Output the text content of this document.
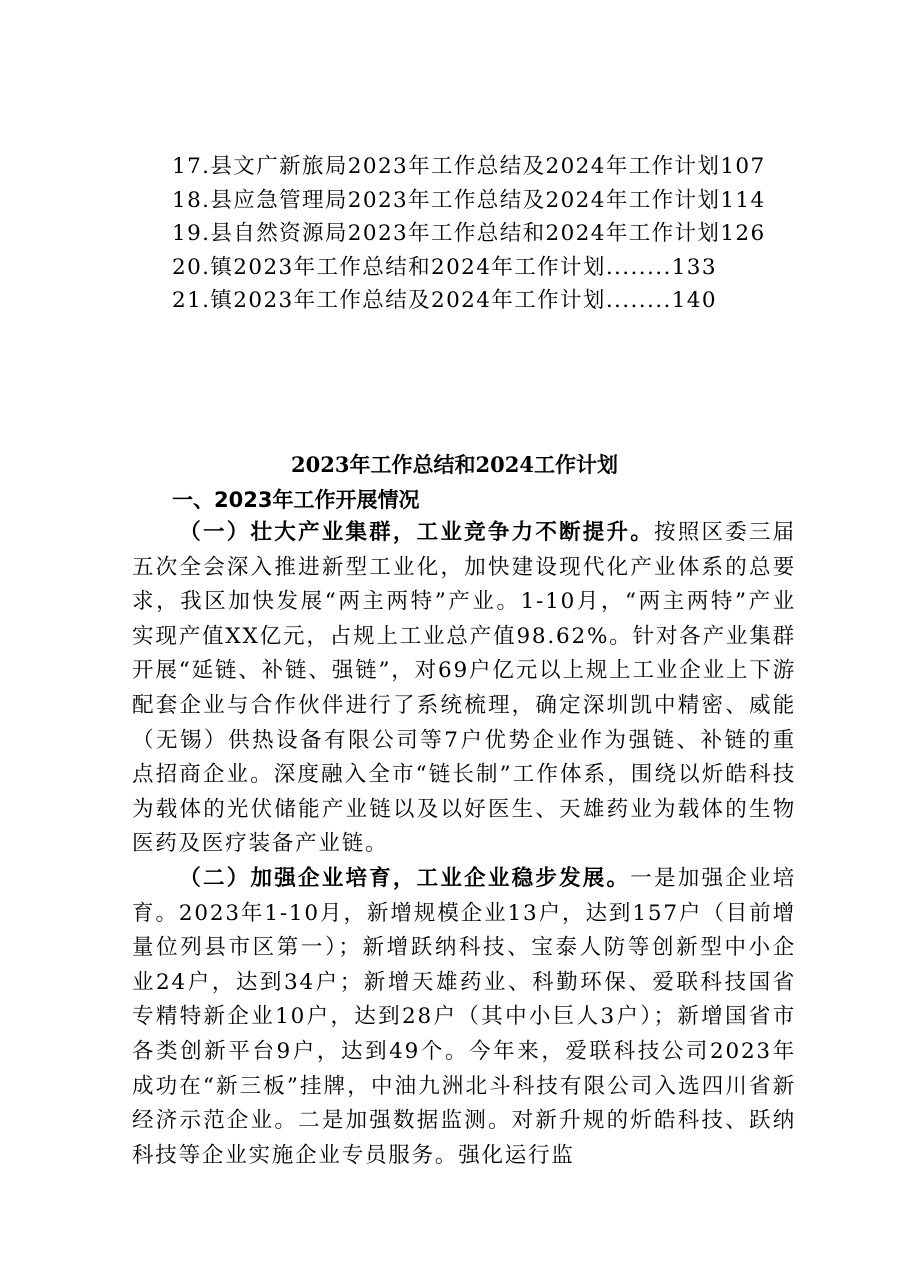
17.县文广新旅局2023年工作总结及2024年工作计划107
18.县应急管理局2023年工作总结及2024年工作计划114
19.县自然资源局2023年工作总结和2024年工作计划126
20.镇2023年工作总结和2024年工作计划........133
21.镇2023年工作总结及2024年工作计划........140
2023年工作总结和2024工作计划
一、2023年工作开展情况

（一）壮大产业集群，工业竞争力不断提升。按照区委三届五次全会深入推进新型工业化，加快建设现代化产业体系的总要求，我区加快发展“两主两特”产业。1-10月，“两主两特”产业实现产值XX亿元，占规上工业总产值98.62%。针对各产业集群开展“延链、补链、强链”，对69户亿元以上规上工业企业上下游配套企业与合作伙伴进行了系统梳理，确定深圳凯中精密、威能（无锡）供热设备有限公司等7户优势企业作为强链、补链的重点招商企业。深度融入全市“链长制”工作体系，围绕以炘皓科技为载体的光伏储能产业链以及以好医生、天雄药业为载体的生物医药及医疗装备产业链。

（二）加强企业培育，工业企业稳步发展。一是加强企业培育。2023年1-10月，新增规模企业13户，达到157户（目前增量位列县市区第一）；新增跃纳科技、宝泰人防等创新型中小企业24户，达到34户；新增天雄药业、科勤环保、爱联科技国省专精特新企业10户，达到28户（其中小巨人3户）；新增国省市各类创新平台9户，达到49个。今年来，爱联科技公司2023年成功在“新三板”挂牌，中油九洲北斗科技有限公司入选四川省新经济示范企业。二是加强数据监测。对新升规的炘皓科技、跃纳科技等企业实施企业专员服务。强化运行监
